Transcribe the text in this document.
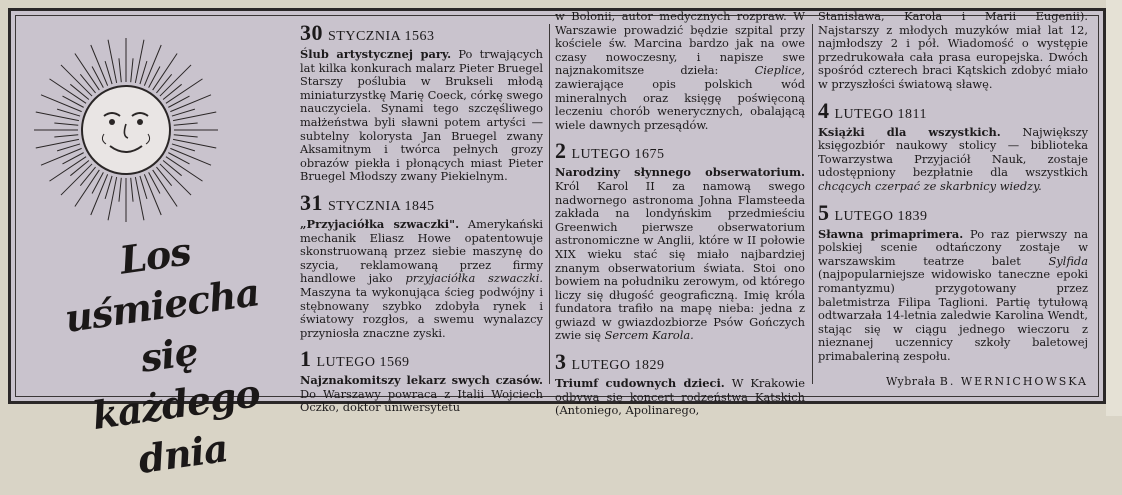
Los
uśmiecha się
każdego dnia
30 STYCZNIA 1563

Ślub artystycznej pary. Po trwających lat kilka konkurach malarz Pieter Bruegel Starszy poślubia w Brukseli młodą miniaturzystkę Marię Coeck, córkę swego nauczyciela. Synami tego szczęśliwego małżeństwa byli sławni potem artyści — subtelny kolorysta Jan Bruegel zwany Aksamitnym i twórca pełnych grozy obrazów piekła i płonących miast Pieter Bruegel Młodszy zwany Piekielnym.

31 STYCZNIA 1845

„Przyjaciółka szwaczki". Amerykański mechanik Eliasz Howe opatentowuje skonstruowaną przez siebie maszynę do szycia, reklamowaną przez firmy handlowe jako przyjaciółka szwaczki. Maszyna ta wykonująca ścieg podwójny i stębnowany szybko zdobyła rynek i światowy rozgłos, a swemu wynalazcy przyniosła znaczne zyski.

1 LUTEGO 1569

Najznakomitszy lekarz swych czasów. Do Warszawy powraca z Italii Wojciech Oczko, doktor uniwersytetu

w Bolonii, autor medycznych rozpraw. W Warszawie prowadzić będzie szpital przy kościele św. Marcina bardzo jak na owe czasy nowoczesny, i napisze swe najznakomitsze dzieła: Cieplice, zawierające opis polskich wód mineralnych oraz księgę poświęconą leczeniu chorób wenerycznych, obalającą wiele dawnych przesądów.

2 LUTEGO 1675

Narodziny słynnego obserwatorium. Król Karol II za namową swego nadwornego astronoma Johna Flamsteeda zakłada na londyńskim przedmieściu Greenwich pierwsze obserwatorium astronomiczne w Anglii, które w II połowie XIX wieku stać się miało najbardziej znanym obserwatorium świata. Stoi ono bowiem na południku zerowym, od którego liczy się długość geograficzną. Imię króla fundatora trafiło na mapę nieba: jedna z gwiazd w gwiazdozbiorze Psów Gończych zwie się Sercem Karola.

3 LUTEGO 1829

Triumf cudownych dzieci. W Krakowie odbywa się koncert rodzeństwa Kątskich (Antoniego, Apolinarego,

Stanisława, Karola i Marii Eugenii). Najstarszy z młodych muzyków miał lat 12, najmłodszy 2 i pół. Wiadomość o występie przedrukowała cała prasa europejska. Dwóch spośród czterech braci Kątskich zdobyć miało w przyszłości światową sławę.

4 LUTEGO 1811

Książki dla wszystkich. Największy księgozbiór naukowy stolicy — biblioteka Towarzystwa Przyjaciół Nauk, zostaje udostępniony bezpłatnie dla wszystkich chcących czerpać ze skarbnicy wiedzy.

5 LUTEGO 1839

Sławna primaprimera. Po raz pierwszy na polskiej scenie odtańczony zostaje w warszawskim teatrze balet Sylfida (najpopularniejsze widowisko taneczne epoki romantyzmu) przygotowany przez baletmistrza Filipa Taglioni. Partię tytułową odtwarzała 14-letnia zaledwie Karolina Wendt, stając się w ciągu jednego wieczoru z nieznanej uczennicy szkoły baletowej primabaleriną zespołu.

Wybrała B. WERNICHOWSKA
